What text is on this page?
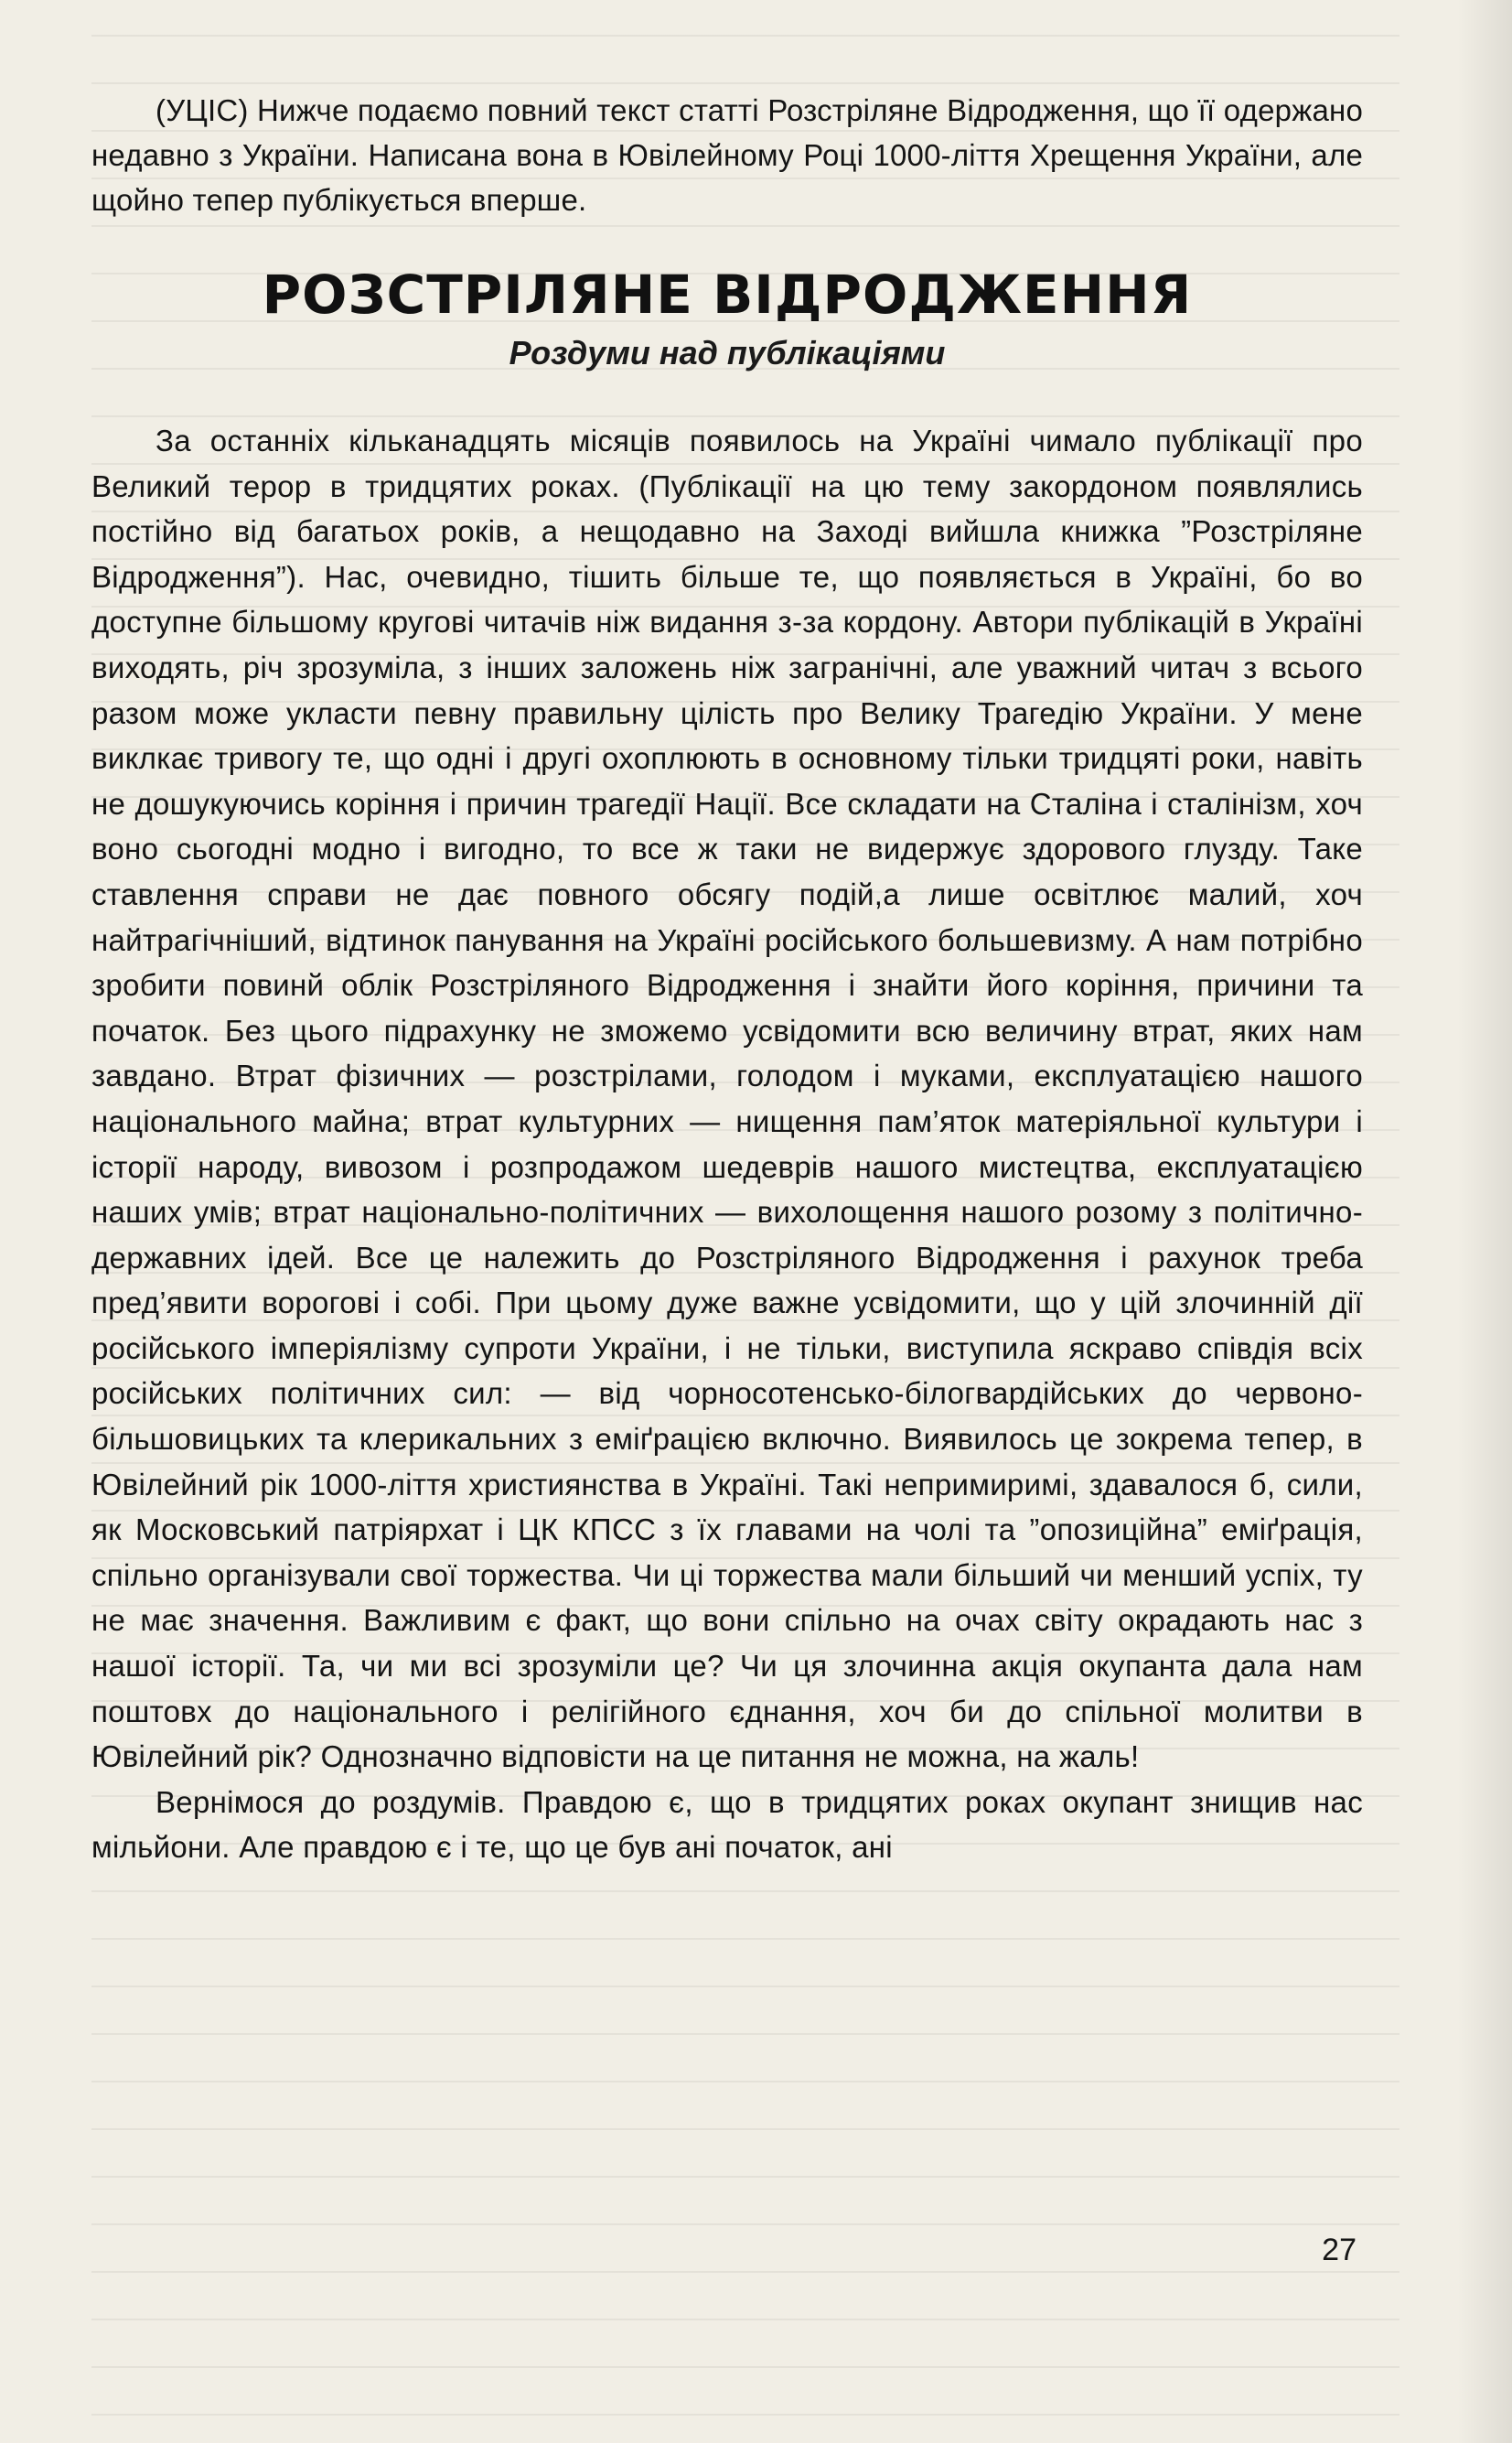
(УЦІС) Нижче подаємо повний текст статті Розстріляне Відродження, що її одержано недавно з України. Написана вона в Ювілейному Році 1000-ліття Хрещення України, але щойно тепер публікується вперше.

РОЗСТРІЛЯНЕ ВІДРОДЖЕННЯ
Роздуми над публікаціями

За останніх кільканадцять місяців появилось на Україні чимало публікації про Великий терор в тридцятих роках. (Публікації на цю тему закордоном появлялись постійно від багатьох років, а нещодавно на Заході вийшла книжка ”Розстріляне Відродження”). Нас, очевидно, тішить більше те, що появляється в Україні, бо во доступне більшому кругові читачів ніж видання з-за кордону. Автори публікацій в Україні виходять, річ зрозуміла, з інших заложень ніж загранічні, але уважний читач з всього разом може укласти певну правильну цілість про Велику Трагедію України. У мене виклкає тривогу те, що одні і другі охоплюють в основному тільки тридцяті роки, навіть не дошукуючись коріння і причин трагедії Нації. Все складати на Сталіна і сталінізм, хоч воно сьогодні модно і вигодно, то все ж таки не видержує здорового глузду. Таке ставлення справи не дає повного обсягу подій,а лише освітлює малий, хоч найтрагічніший, відтинок панування на Україні російського большевизму. А нам потрібно зробити повинй облік Розстріляного Відродження і знайти його коріння, причини та початок. Без цього підрахунку не зможемо усвідомити всю величину втрат, яких нам завдано. Втрат фізичних — розстрілами, голодом і муками, експлуатацією нашого національного майна; втрат культурних — нищення пам’яток матеріяльної культури і історії народу, вивозом і розпродажом шедеврів нашого мистецтва, експлуатацією наших умів; втрат національно-політичних — вихолощення нашого розому з політично-державних ідей. Все це належить до Розстріляного Відродження і рахунок треба пред’явити ворогові і собі. При цьому дуже важне усвідомити, що у цій злочинній дії російського імперіялізму супроти України, і не тільки, виступила яскраво співдія всіх російських політичних сил: — від чорносотенсько-білогвардійських до червоно-більшовицьких та клерикальних з еміґрацією включно. Виявилось це зокрема тепер, в Ювілейний рік 1000-ліття християнства в Україні. Такі непримиримі, здавалося б, сили, як Московський патріярхат і ЦК КПСС з їх главами на чолі та ”опозиційна” еміґрація, спільно організували свої торжества. Чи ці торжества мали більший чи менший успіх, ту не має значення. Важливим є факт, що вони спільно на очах світу окрадають нас з нашої історії. Та, чи ми всі зрозуміли це? Чи ця злочинна акція окупанта дала нам поштовх до національного і релігійного єднання, хоч би до спільної молитви в Ювілейний рік? Однозначно відповісти на це питання не можна, на жаль!

Вернімося до роздумів. Правдою є, що в тридцятих роках окупант знищив нас мільйони. Але правдою є і те, що це був ані початок, ані

27
